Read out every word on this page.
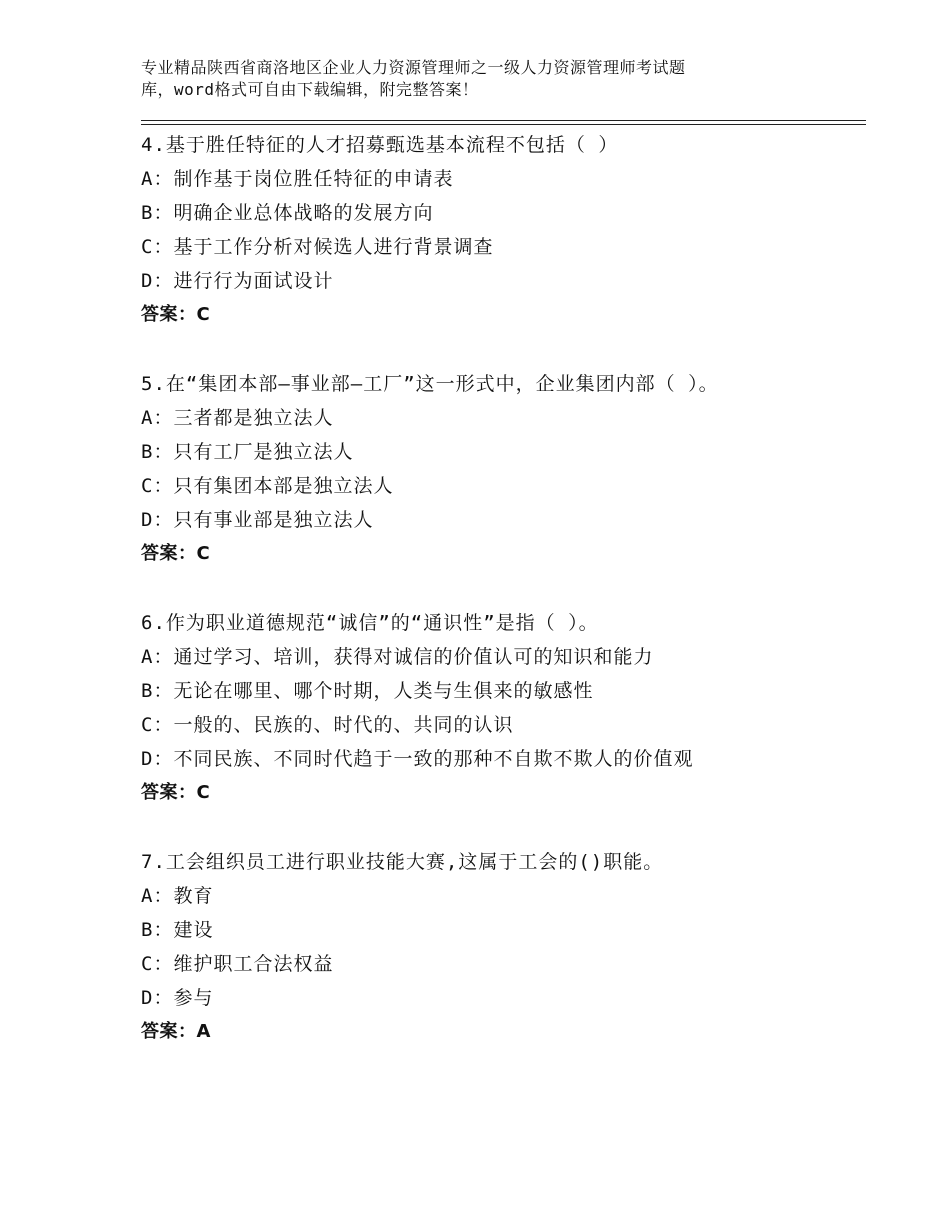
专业精品陕西省商洛地区企业人力资源管理师之一级人力资源管理师考试题
库，word格式可自由下载编辑，附完整答案！
4.基于胜任特征的人才招募甄选基本流程不包括（ ）
A：制作基于岗位胜任特征的申请表
B：明确企业总体战略的发展方向
C：基于工作分析对候选人进行背景调查
D：进行行为面试设计
答案：C
5.在“集团本部—事业部—工厂”这一形式中，企业集团内部（ ）。
A：三者都是独立法人
B：只有工厂是独立法人
C：只有集团本部是独立法人
D：只有事业部是独立法人
答案：C
6.作为职业道德规范“诚信”的“通识性”是指（ ）。
A：通过学习、培训，获得对诚信的价值认可的知识和能力
B：无论在哪里、哪个时期，人类与生俱来的敏感性
C：一般的、民族的、时代的、共同的认识
D：不同民族、不同时代趋于一致的那种不自欺不欺人的价值观
答案：C
7.工会组织员工进行职业技能大赛,这属于工会的()职能。
A：教育
B：建设
C：维护职工合法权益
D：参与
答案：A
